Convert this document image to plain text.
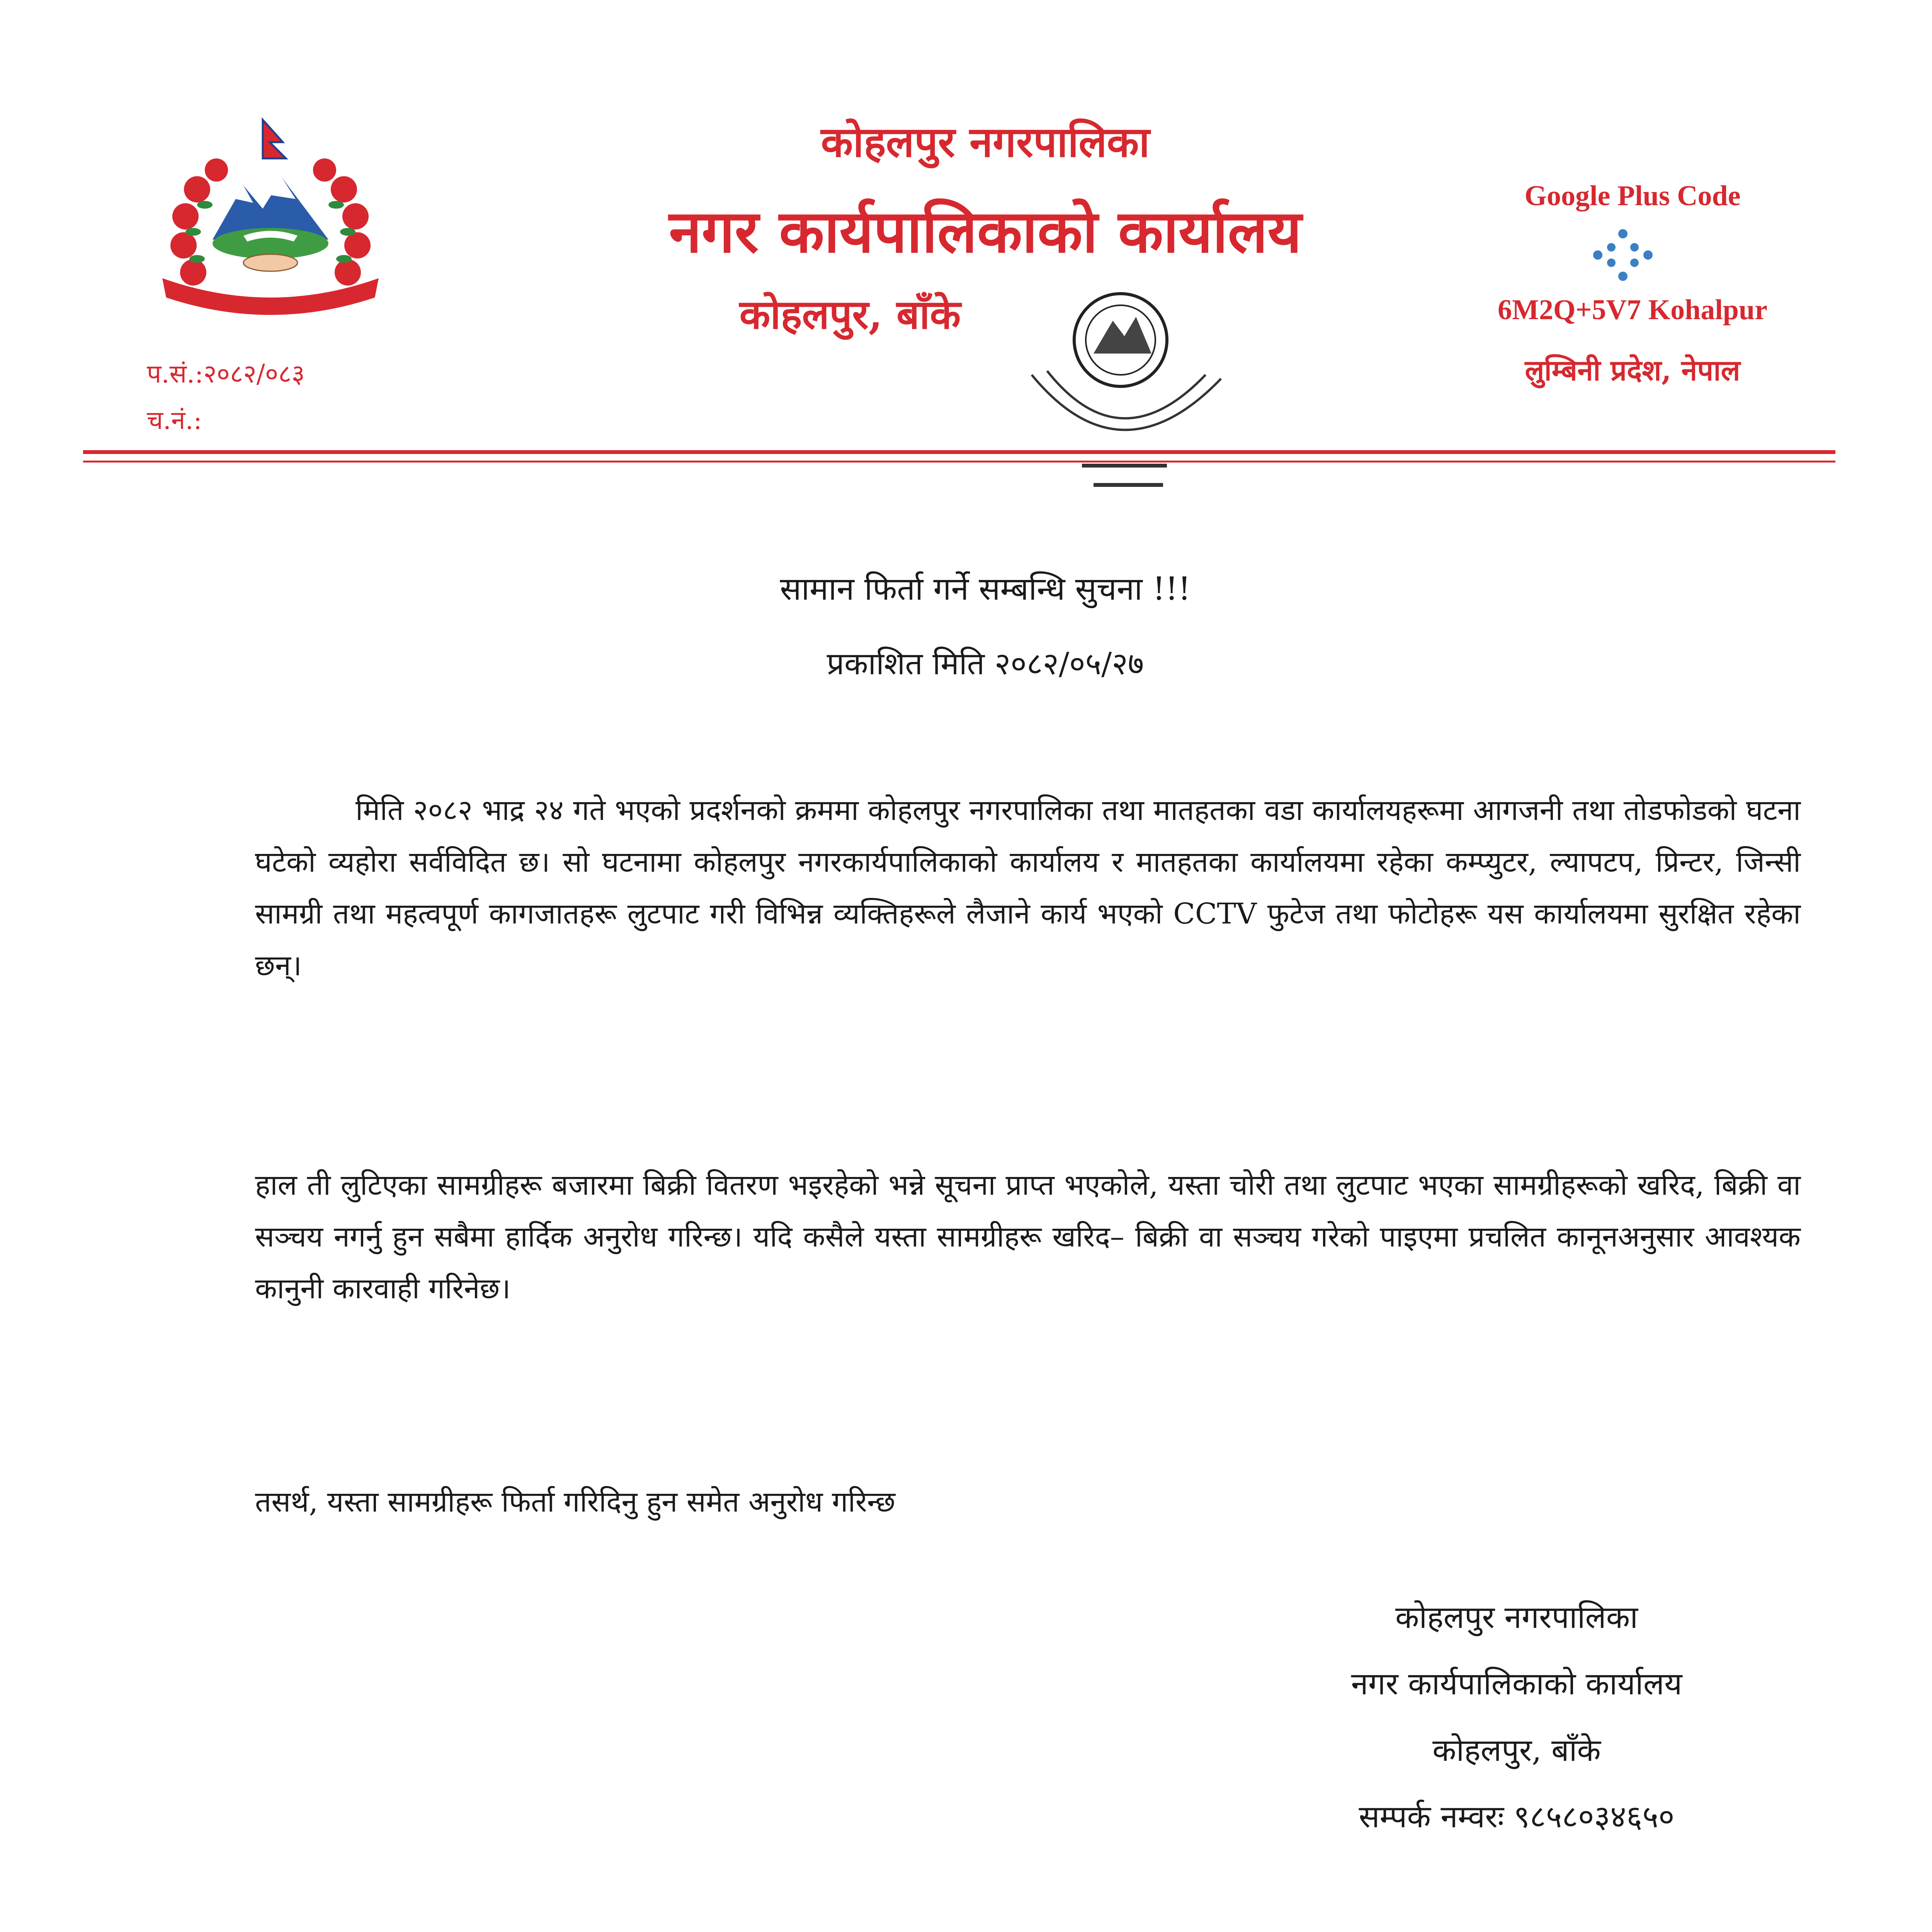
प.सं.:२०८२/०८३
च.नं.:
कोहलपुर नगरपालिका
नगर कार्यपालिकाको कार्यालय
कोहलपुर, बाँके
Google Plus Code
6M2Q+5V7 Kohalpur
लुम्बिनी प्रदेश, नेपाल
सामान फिर्ता गर्ने सम्बन्धि सुचना !!!
प्रकाशित मिति २०८२/०५/२७
मिति २०८२ भाद्र २४ गते भएको प्रदर्शनको क्रममा कोहलपुर नगरपालिका तथा मातहतका वडा कार्यालयहरूमा आगजनी तथा तोडफोडको घटना घटेको व्यहोरा सर्वविदित छ। सो घटनामा कोहलपुर नगरकार्यपालिकाको कार्यालय र मातहतका कार्यालयमा रहेका कम्प्युटर, ल्यापटप, प्रिन्टर, जिन्सी सामग्री तथा महत्वपूर्ण कागजातहरू लुटपाट गरी विभिन्न व्यक्तिहरूले लैजाने कार्य भएको CCTV फुटेज तथा फोटोहरू यस कार्यालयमा सुरक्षित रहेका छन्।
हाल ती लुटिएका सामग्रीहरू बजारमा बिक्री वितरण भइरहेको भन्ने सूचना प्राप्त भएकोले, यस्ता चोरी तथा लुटपाट भएका सामग्रीहरूको खरिद, बिक्री वा सञ्चय नगर्नु हुन सबैमा हार्दिक अनुरोध गरिन्छ। यदि कसैले यस्ता सामग्रीहरू खरिद– बिक्री वा सञ्चय गरेको पाइएमा प्रचलित कानूनअनुसार आवश्यक कानुनी कारवाही गरिनेछ।
तसर्थ, यस्ता सामग्रीहरू फिर्ता गरिदिनु हुन समेत अनुरोध गरिन्छ
कोहलपुर नगरपालिका
नगर कार्यपालिकाको कार्यालय
कोहलपुर, बाँके
सम्पर्क नम्वरः ९८५८०३४६५०
